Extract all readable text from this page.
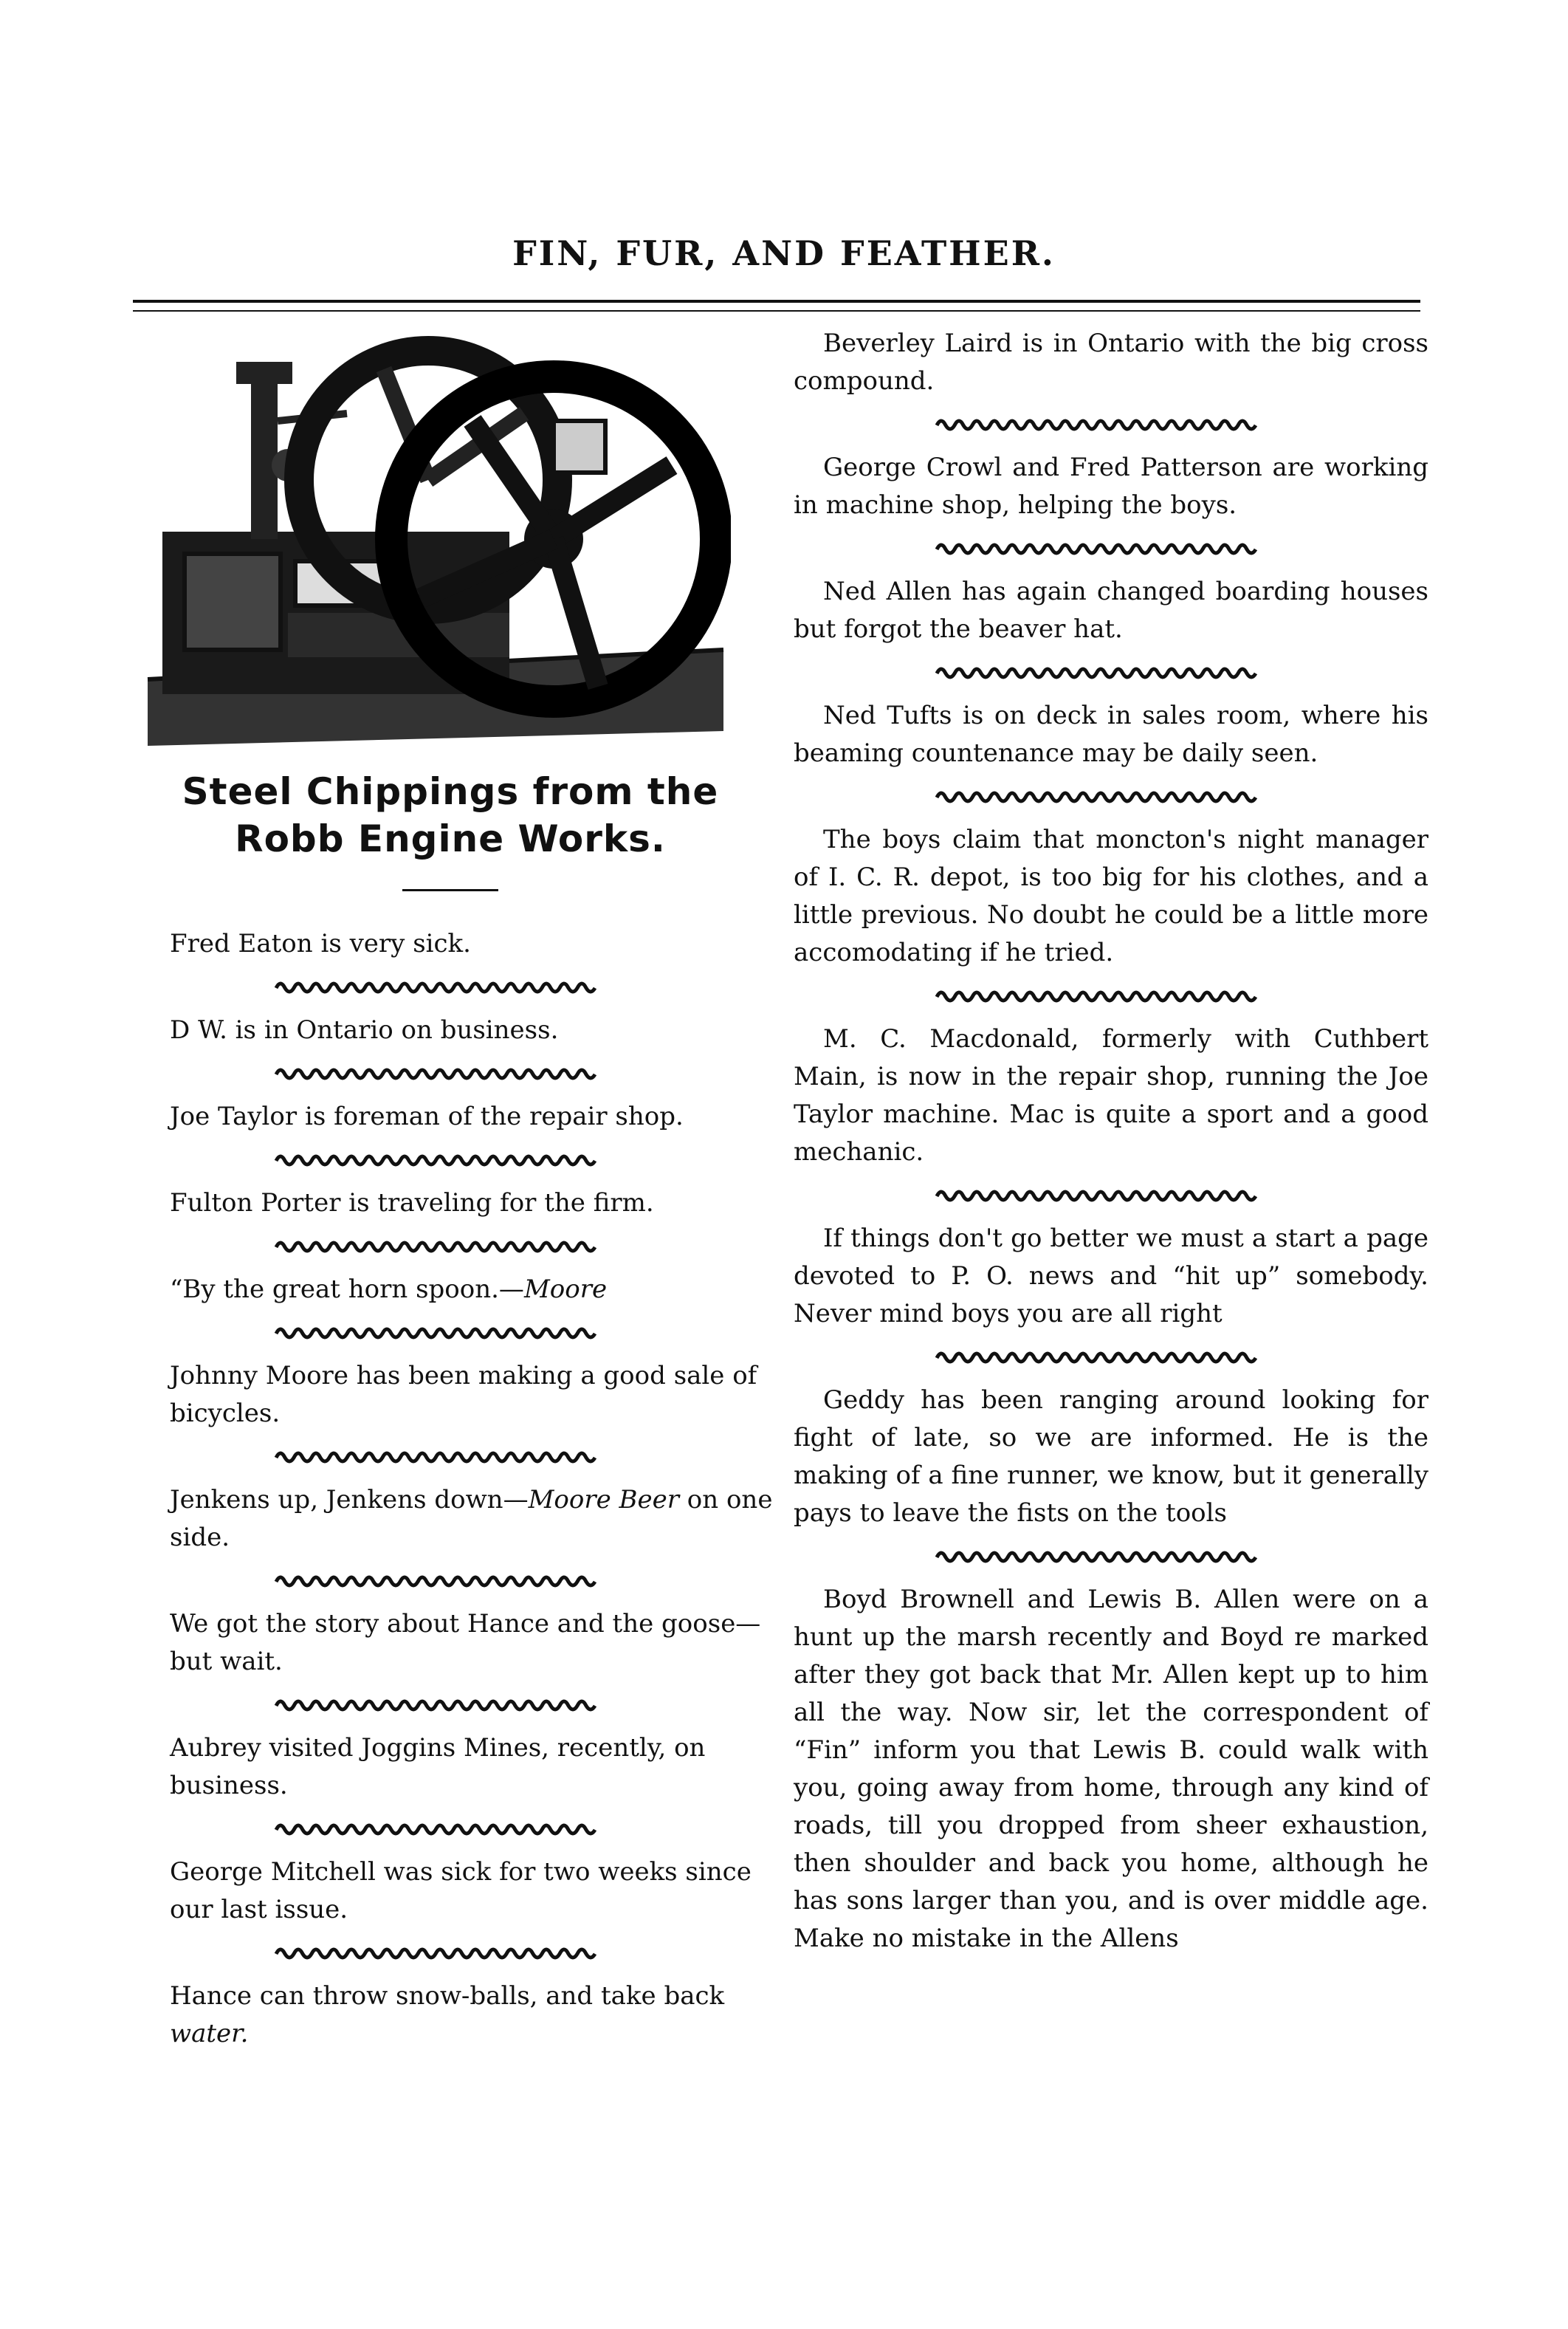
FIN, FUR, AND FEATHER.
Steel Chippings from the Robb Engine Works.

Fred Eaton is very sick.

D W. is in Ontario on business.

Joe Taylor is foreman of the repair shop.

Fulton Porter is traveling for the firm.

“By the great horn spoon.—Moore

Johnny Moore has been making a good sale of bicycles.

Jenkens up, Jenkens down—Moore Beer on one side.

We got the story about Hance and the goose—but wait.

Aubrey visited Joggins Mines, recently, on business.

George Mitchell was sick for two weeks since our last issue.

Hance can throw snow-balls, and take back water.

Beverley Laird is in Ontario with the big cross compound.

George Crowl and Fred Patterson are working in machine shop, helping the boys.

Ned Allen has again changed boarding houses but forgot the beaver hat.

Ned Tufts is on deck in sales room, where his beaming countenance may be daily seen.

The boys claim that moncton's night manager of I. C. R. depot, is too big for his clothes, and a little previous. No doubt he could be a little more accomodating if he tried.

M. C. Macdonald, formerly with Cuthbert Main, is now in the repair shop, running the Joe Taylor machine. Mac is quite a sport and a good mechanic.

If things don't go better we must a start a page devoted to P. O. news and “hit up” somebody. Never mind boys you are all right

Geddy has been ranging around looking for fight of late, so we are informed. He is the making of a fine runner, we know, but it generally pays to leave the fists on the tools

Boyd Brownell and Lewis B. Allen were on a hunt up the marsh recently and Boyd re marked after they got back that Mr. Allen kept up to him all the way. Now sir, let the correspondent of “Fin” inform you that Lewis B. could walk with you, going away from home, through any kind of roads, till you dropped from sheer exhaustion, then shoulder and back you home, although he has sons larger than you, and is over middle age. Make no mistake in the Allens
